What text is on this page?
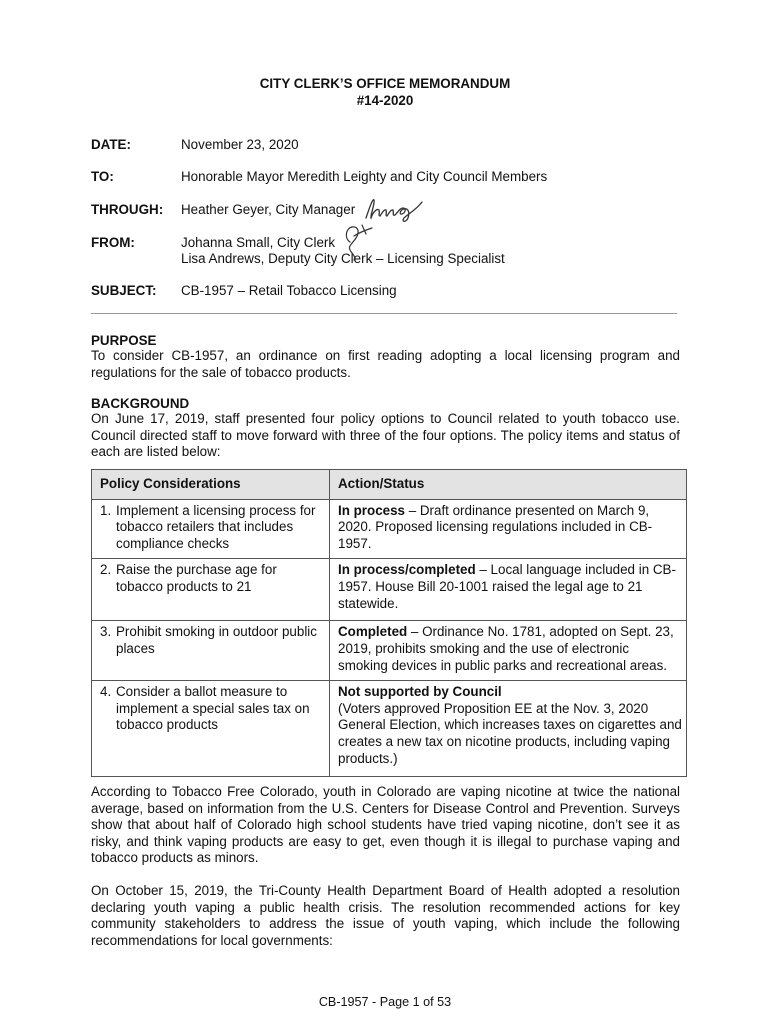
CITY CLERK’S OFFICE MEMORANDUM
#14-2020
DATE:	November 23, 2020
TO:	Honorable Mayor Meredith Leighty and City Council Members
THROUGH:	Heather Geyer, City Manager
FROM:	Johanna Small, City Clerk
Lisa Andrews, Deputy City Clerk – Licensing Specialist
SUBJECT:	CB-1957 – Retail Tobacco Licensing
PURPOSE
To consider CB-1957, an ordinance on first reading adopting a local licensing program and regulations for the sale of tobacco products.
BACKGROUND
On June 17, 2019, staff presented four policy options to Council related to youth tobacco use. Council directed staff to move forward with three of the four options. The policy items and status of each are listed below:
Policy Considerations	Action/Status

1. Implement a licensing process for tobacco retailers that includes compliance checks	In process – Draft ordinance presented on March 9, 2020. Proposed licensing regulations included in CB-1957.

2. Raise the purchase age for tobacco products to 21	In process/completed – Local language included in CB-1957. House Bill 20-1001 raised the legal age to 21 statewide.

3. Prohibit smoking in outdoor public places	Completed – Ordinance No. 1781, adopted on Sept. 23, 2019, prohibits smoking and the use of electronic smoking devices in public parks and recreational areas.

4. Consider a ballot measure to implement a special sales tax on tobacco products	Not supported by Council
(Voters approved Proposition EE at the Nov. 3, 2020 General Election, which increases taxes on cigarettes and creates a new tax on nicotine products, including vaping products.)
According to Tobacco Free Colorado, youth in Colorado are vaping nicotine at twice the national average, based on information from the U.S. Centers for Disease Control and Prevention. Surveys show that about half of Colorado high school students have tried vaping nicotine, don’t see it as risky, and think vaping products are easy to get, even though it is illegal to purchase vaping and tobacco products as minors.
On October 15, 2019, the Tri-County Health Department Board of Health adopted a resolution declaring youth vaping a public health crisis. The resolution recommended actions for key community stakeholders to address the issue of youth vaping, which include the following recommendations for local governments:
CB-1957 - Page 1 of 53
